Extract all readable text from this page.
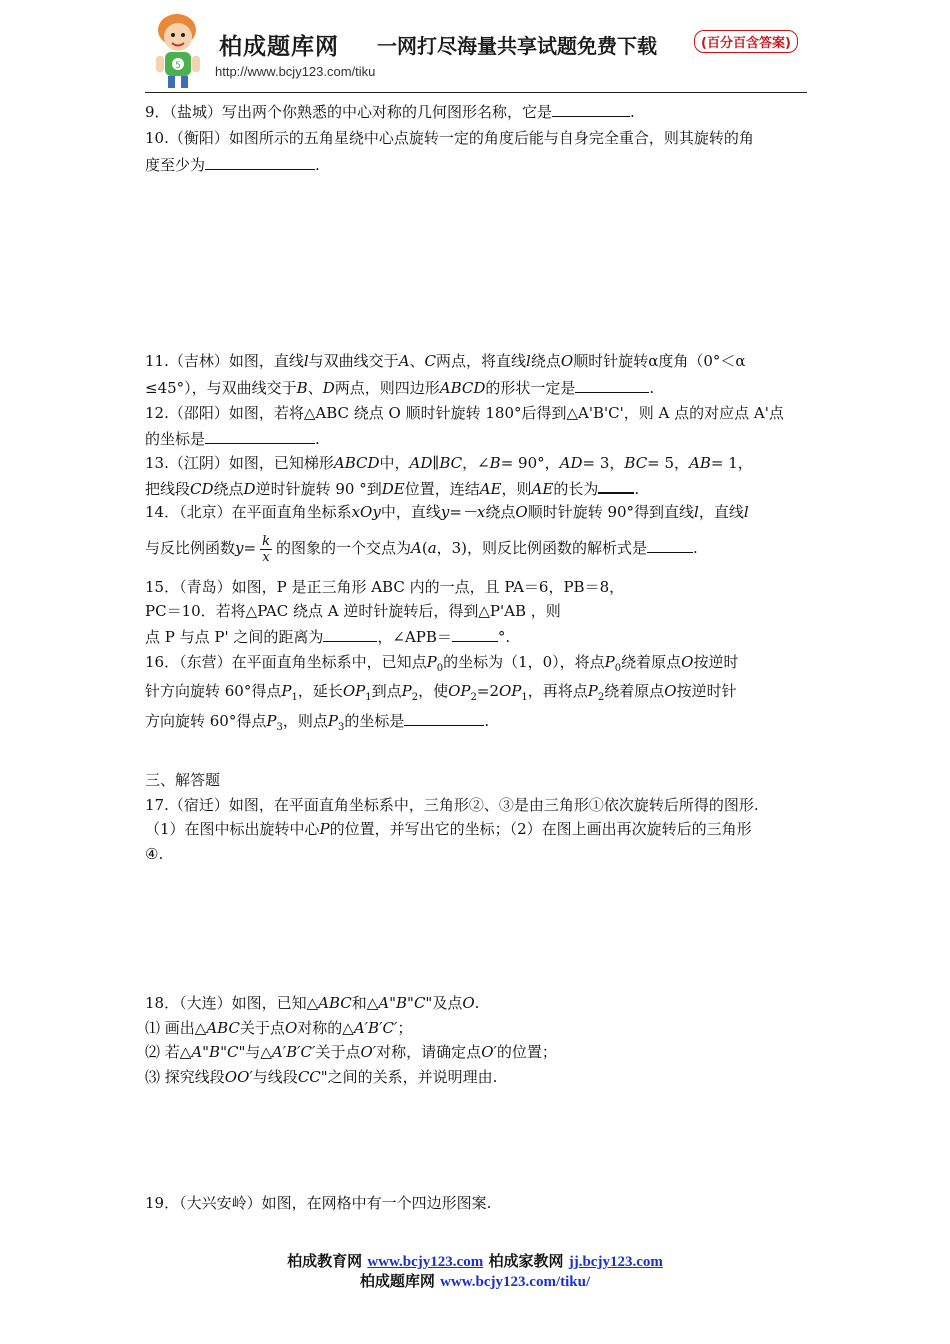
5
柏成题库网 一网打尽海量共享试题免费下载	(百分百含答案)
http://www.bcjy123.com/tiku
9．（盐城）写出两个你熟悉的中心对称的几何图形名称，它是	.
10.（衡阳）如图所示的五角星绕中心点旋转一定的角度后能与自身完全重合，则其旋转的角
度至少为	.
11.（吉林）如图，直线l与双曲线交于A、C两点，将直线l绕点O顺时针旋转α度角（0°＜α
≤45°），与双曲线交于B、D两点，则四边形ABCD的形状一定是	.
12.（邵阳）如图，若将△ABC 绕点 O 顺时针旋转 180°后得到△A'B'C'，则 A 点的对应点 A'点
的坐标是	.
13.（江阴）如图，已知梯形ABCD中，AD∥BC，∠B= 90°，AD= 3，BC= 5，AB= 1，
把线段CD绕点D逆时针旋转 90 °到DE位置，连结AE，则AE的长为 .
14．（北京）在平面直角坐标系xOy中，直线y=－x绕点O顺时针旋转 90°得到直线l，直线l
与反比例函数$y= \frac{k}{x}$ 的图象的一个交点为A(a，3)，则反比例函数的解析式是	.
15．（青岛）如图，P 是正三角形 ABC 内的一点，且 PA＝6，PB＝8，
PC＝10．若将△PAC 绕点 A 逆时针旋转后，得到△P'AB ，则
点 P 与点 P' 之间的距离为	，∠APB＝	°.
16．（东营）在平面直角坐标系中，已知点$P_0$的坐标为（1，0），将点$P_0$绕着原点O按逆时
针方向旋转 60°得点$P_1$，延长$OP_1$到点$P_2$，使$OP_2=2OP_1$，再将点$P_2$绕着原点O按逆时针
方向旋转 60°得点$P_3$，则点$P_3$的坐标是	.
三、解答题
17.（宿迁）如图，在平面直角坐标系中，三角形②、③是由三角形①依次旋转后所得的图形.
（1）在图中标出旋转中心P的位置，并写出它的坐标；（2）在图上画出再次旋转后的三角形
④.
18．（大连）如图，已知△ABC和△A"B"C"及点O.
⑴ 画出△ABC关于点O对称的△A′B′C′；
⑵ 若△A"B"C"与△A′B′C′关于点O′对称，请确定点O′的位置；
⑶ 探究线段OO′与线段CC"之间的关系，并说明理由.
19．（大兴安岭）如图，在网格中有一个四边形图案.
柏成教育网 www.bcjy123.com 柏成家教网 jj.bcjy123.com
柏成题库网 www.bcjy123.com/tiku/
